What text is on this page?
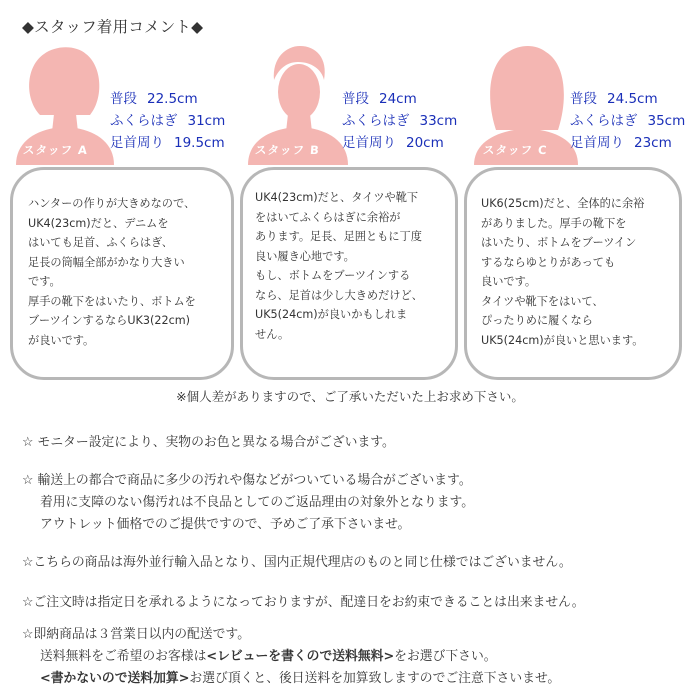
◆スタッフ着用コメント◆
スタッフ A
普段 22.5cm
ふくらはぎ 31cm
足首周り 19.5cm	スタッフ B
普段 24cm
ふくらはぎ 33cm
足首周り 20cm	スタッフ C
普段 24.5cm
ふくらはぎ 35cm
足首周り 23cm
ハンターの作りが大きめなので、
UK4(23cm)だと、デニムを
はいても足首、ふくらはぎ、
足長の筒幅全部がかなり大きい
です。
厚手の靴下をはいたり、ボトムを
ブーツインするならUK3(22cm)
が良いです。
UK4(23cm)だと、タイツや靴下
をはいてふくらはぎに余裕が
あります。足長、足囲ともに丁度
良い履き心地です。
もし、ボトムをブーツインする
なら、足首は少し大きめだけど、
UK5(24cm)が良いかもしれま
せん。
UK6(25cm)だと、全体的に余裕
がありました。厚手の靴下を
はいたり、ボトムをブーツイン
するならゆとりがあっても
良いです。
タイツや靴下をはいて、
ぴったりめに履くなら
UK5(24cm)が良いと思います。
※個人差がありますので、ご了承いただいた上お求め下さい。
☆ モニター設定により、実物のお色と異なる場合がございます。
☆ 輸送上の都合で商品に多少の汚れや傷などがついている場合がございます。
着用に支障のない傷汚れは不良品としてのご返品理由の対象外となります。
アウトレット価格でのご提供ですので、予めご了承下さいませ。
☆こちらの商品は海外並行輸入品となり、国内正規代理店のものと同じ仕様ではございません。
☆ご注文時は指定日を承れるようになっておりますが、配達日をお約束できることは出来ません。
☆即納商品は３営業日以内の配送です。
送料無料をご希望のお客様は<レビューを書くので送料無料>をお選び下さい。
<書かないので送料加算>お選び頂くと、後日送料を加算致しますのでご注意下さいませ。
